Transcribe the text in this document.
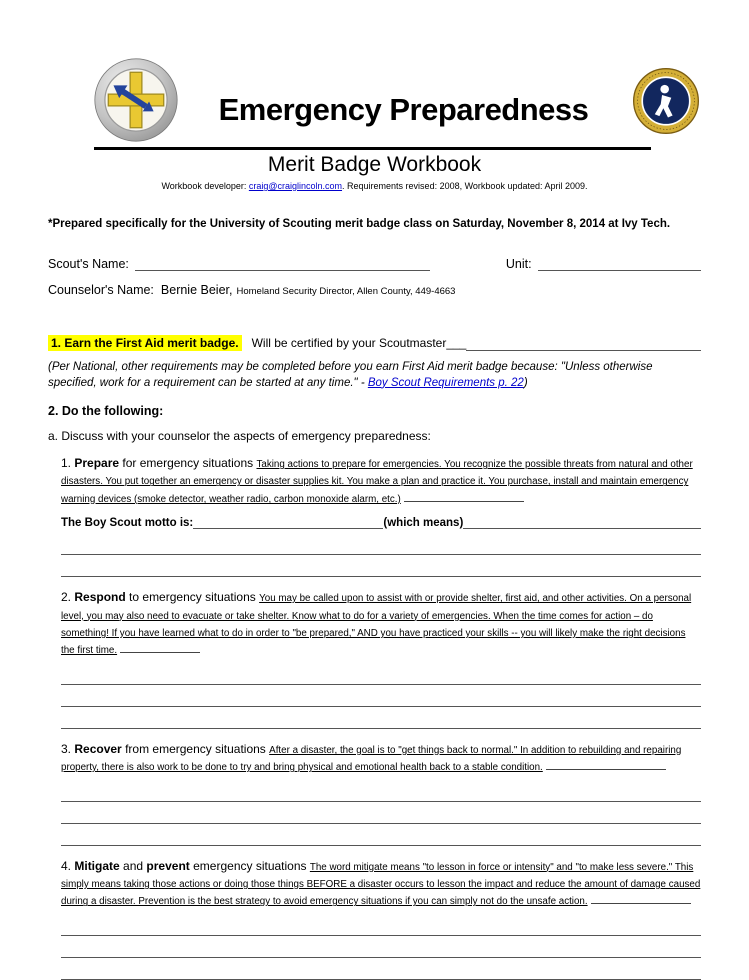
Emergency Preparedness
Merit Badge Workbook
Workbook developer: craig@craiglincoln.com. Requirements revised: 2008, Workbook updated: April 2009.
*Prepared specifically for the University of Scouting merit badge class on Saturday, November 8, 2014 at Ivy Tech.
Scout's Name:	Unit:
Counselor's Name: Bernie Beier, Homeland Security Director, Allen County, 449-4663
1. Earn the First Aid merit badge. Will be certified by your Scoutmaster___

(Per National, other requirements may be completed before you earn First Aid merit badge because: "Unless otherwise specified, work for a requirement can be started at any time." - Boy Scout Requirements p. 22)

2. Do the following:
a. Discuss with your counselor the aspects of emergency preparedness:

1. Prepare for emergency situations Taking actions to prepare for emergencies. You recognize the possible threats from natural and other disasters. You put together an emergency or disaster supplies kit. You make a plan and practice it. You purchase, install and maintain emergency warning devices (smoke detector, weather radio, carbon monoxide alarm, etc.)

The Boy Scout motto is:	(which means)

2. Respond to emergency situations You may be called upon to assist with or provide shelter, first aid, and other activities. On a personal level, you may also need to evacuate or take shelter. Know what to do for a variety of emergencies. When the time comes for action – do something! If you have learned what to do in order to "be prepared," AND you have practiced your skills -- you will likely make the right decisions the first time.

3. Recover from emergency situations After a disaster, the goal is to "get things back to normal." In addition to rebuilding and repairing property, there is also work to be done to try and bring physical and emotional health back to a stable condition.

4. Mitigate and prevent emergency situations The word mitigate means "to lesson in force or intensity" and "to make less severe." This simply means taking those actions or doing those things BEFORE a disaster occurs to lesson the impact and reduce the amount of damage caused during a disaster. Prevention is the best strategy to avoid emergency situations if you can simply not do the unsafe action.
